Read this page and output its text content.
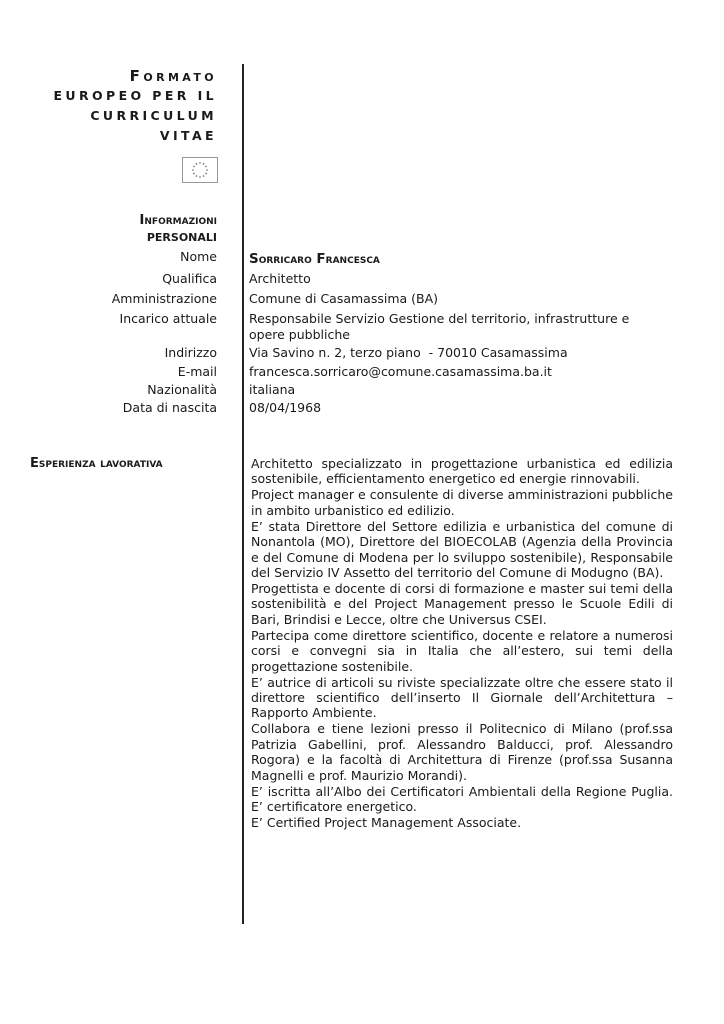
Formato
EUROPEO PER IL
CURRICULUM
VITAE
Informazioni
PERSONALI
Nome Sorricaro Francesca
Qualifica	Architetto
Amministrazione	Comune di Casamassima (BA)
Incarico attuale	Responsabile Servizio Gestione del territorio, infrastrutture e opere pubbliche
Indirizzo	Via Savino n. 2, terzo piano  - 70010 Casamassima
E-mail	francesca.sorricaro@comune.casamassima.ba.it
Nazionalità	italiana
Data di nascita	08/04/1968
Esperienza lavorativa	Architetto specializzato in progettazione urbanistica ed edilizia sostenibile, efficientamento energetico ed energie rinnovabili.

Project manager e consulente di diverse amministrazioni pubbliche in ambito urbanistico ed edilizio.

E’ stata Direttore del Settore edilizia e urbanistica del comune di Nonantola (MO), Direttore del BIOECOLAB (Agenzia della Provincia e del Comune di Modena per lo sviluppo sostenibile), Responsabile del Servizio IV Assetto del territorio del Comune di Modugno (BA).

Progettista e docente di corsi di formazione e master sui temi della sostenibilità e del Project Management presso le Scuole Edili di Bari, Brindisi e Lecce, oltre che Universus CSEI.

Partecipa come direttore scientifico, docente e relatore a numerosi corsi e convegni sia in Italia che all’estero, sui temi della progettazione sostenibile.

E’ autrice di articoli su riviste specializzate oltre che essere stato il direttore scientifico dell’inserto Il Giornale dell’Architettura – Rapporto Ambiente.

Collabora e tiene lezioni presso il Politecnico di Milano (prof.ssa Patrizia Gabellini, prof. Alessandro Balducci, prof. Alessandro Rogora) e la facoltà di Architettura di Firenze (prof.ssa Susanna Magnelli e prof. Maurizio Morandi).

E’ iscritta all’Albo dei Certificatori Ambientali della Regione Puglia. E’ certificatore energetico.

E’ Certified Project Management Associate.
